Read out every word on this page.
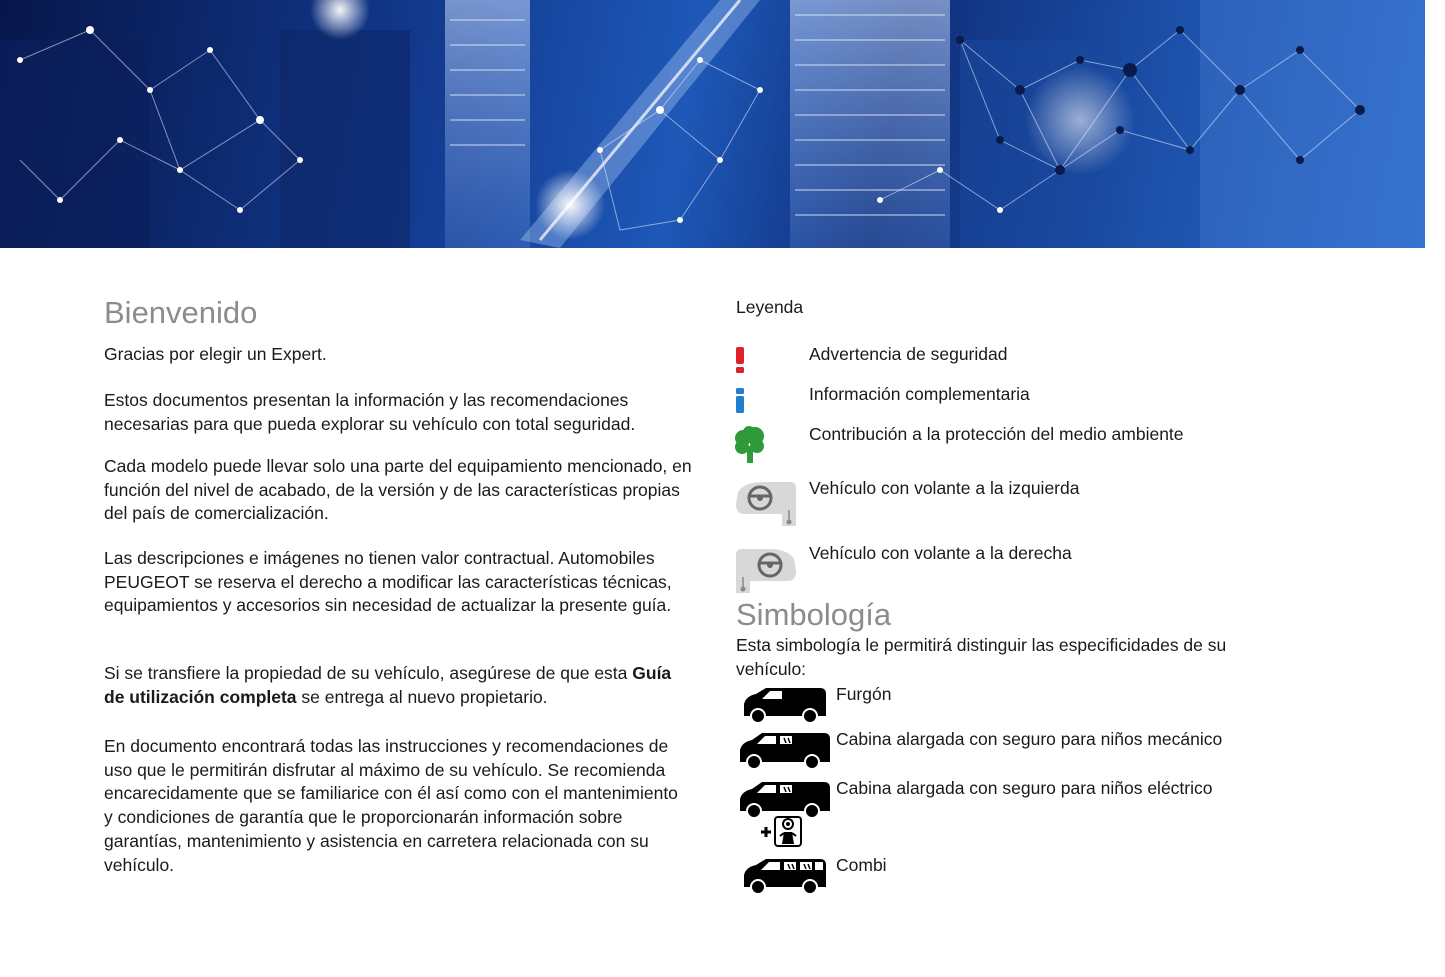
Bienvenido
Gracias por elegir un Expert.
Estos documentos presentan la información y las recomendaciones necesarias para que pueda explorar su vehículo con total seguridad.
Cada modelo puede llevar solo una parte del equipamiento mencionado, en función del nivel de acabado, de la versión y de las características propias del país de comercialización.
Las descripciones e imágenes no tienen valor contractual. Automobiles PEUGEOT se reserva el derecho a modificar las características técnicas, equipamientos y accesorios sin necesidad de actualizar la presente guía.
Si se transfiere la propiedad de su vehículo, asegúrese de que esta Guía de utilización completa se entrega al nuevo propietario.
En documento encontrará todas las instrucciones y recomendaciones de uso que le permitirán disfrutar al máximo de su vehículo. Se recomienda encarecidamente que se familiarice con él así como con el mantenimiento y condiciones de garantía que le proporcionarán información sobre garantías, mantenimiento y asistencia en carretera relacionada con su vehículo.
Leyenda
Advertencia de seguridad
Información complementaria
Contribución a la protección del medio ambiente
Vehículo con volante a la izquierda
Vehículo con volante a la derecha
Simbología
Esta simbología le permitirá distinguir las especificidades de su vehículo:
Furgón
Cabina alargada con seguro para niños mecánico
Cabina alargada con seguro para niños eléctrico
Combi
